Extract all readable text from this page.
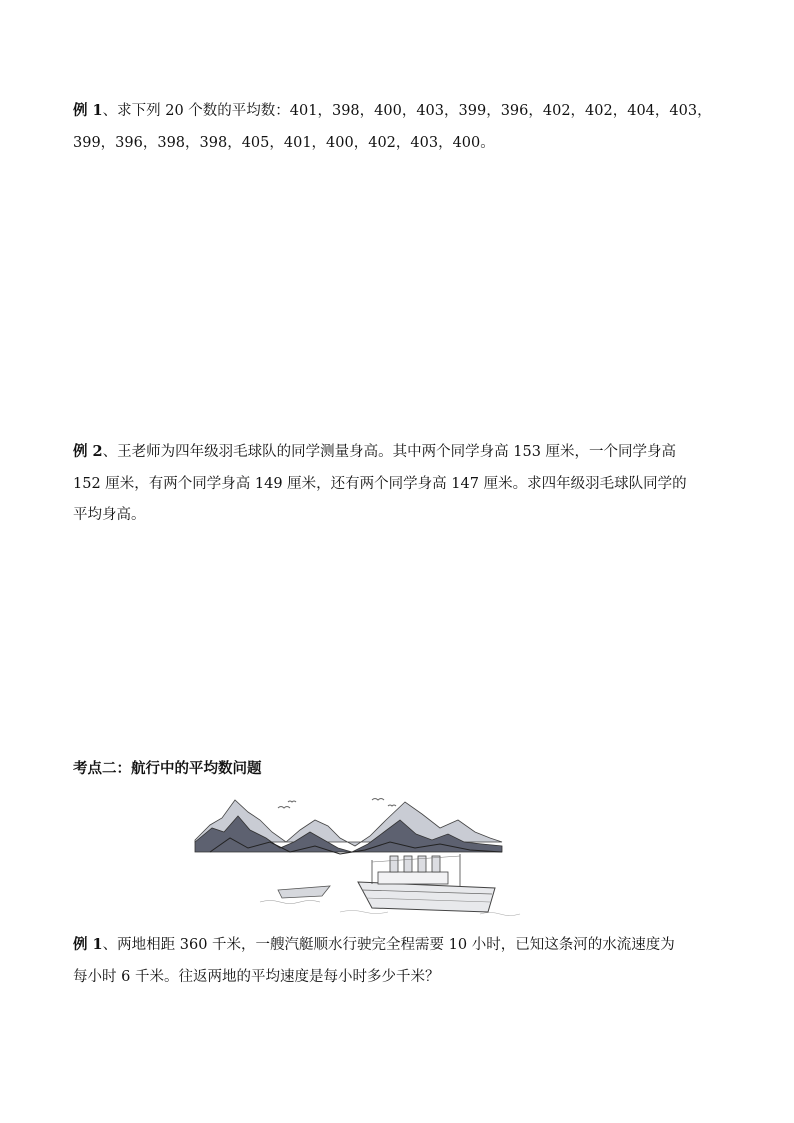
例 1、求下列 20 个数的平均数：401，398，400，403，399，396，402，402，404，403，
399，396，398，398，405，401，400，402，403，400。
例 2、王老师为四年级羽毛球队的同学测量身高。其中两个同学身高 153 厘米，一个同学身高
152 厘米，有两个同学身高 149 厘米，还有两个同学身高 147 厘米。求四年级羽毛球队同学的
平均身高。
考点二：航行中的平均数问题
例 1、两地相距 360 千米，一艘汽艇顺水行驶完全程需要 10 小时，已知这条河的水流速度为
每小时 6 千米。往返两地的平均速度是每小时多少千米？
